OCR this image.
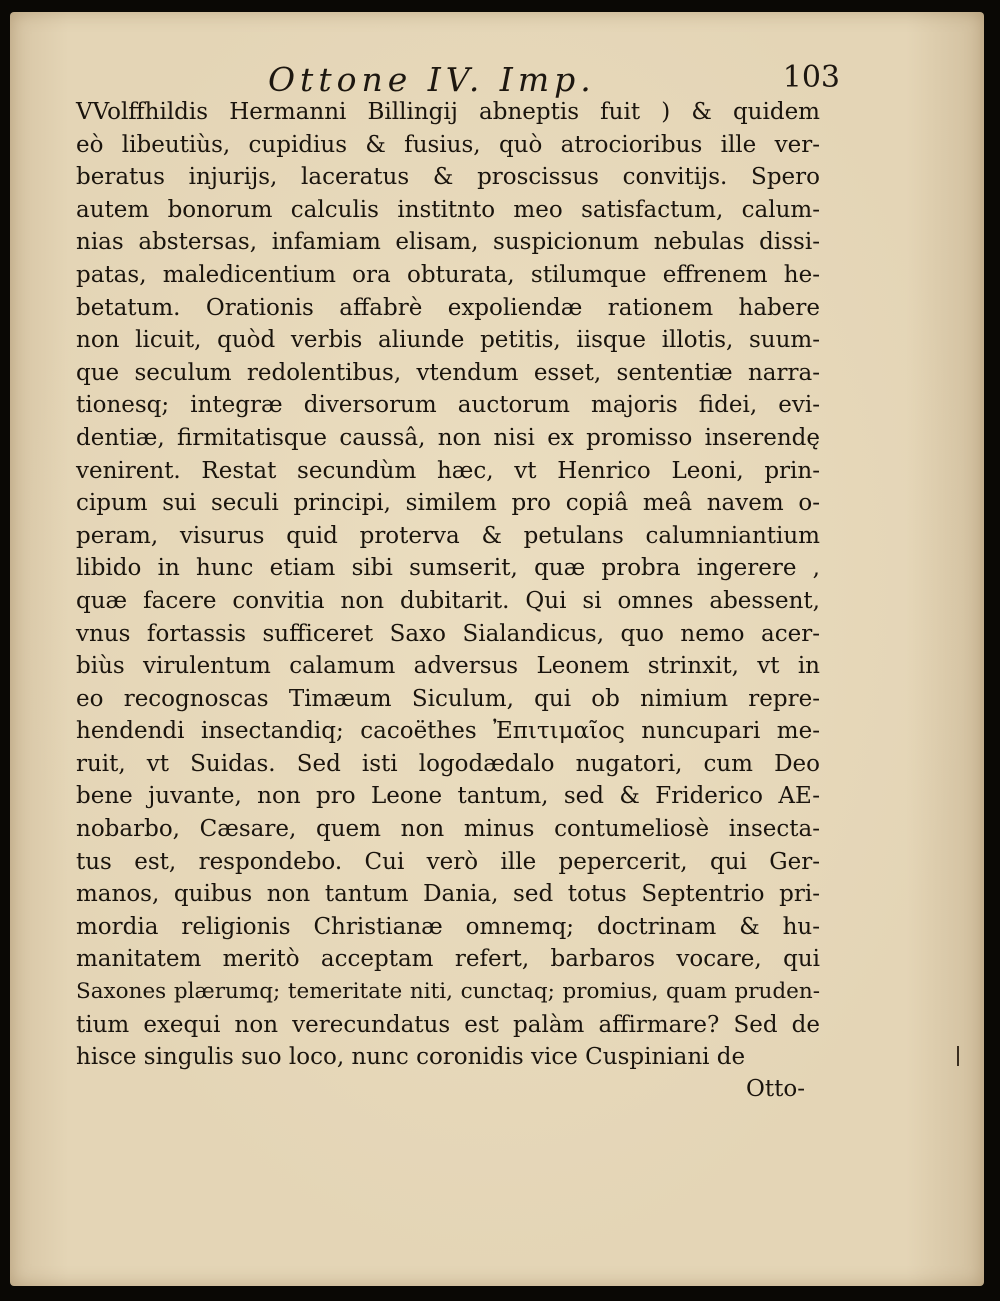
Ottone IV. Imp.	103
VVolffhildis Hermanni Billingij abneptis fuit ) & quidem
eò libeutiùs, cupidius & fusius, quò atrocioribus ille ver-
beratus injurijs, laceratus & proscissus convitijs. Spero
autem bonorum calculis institnto meo satisfactum, calum-
nias abstersas, infamiam elisam, suspicionum nebulas dissi-
patas, maledicentium ora obturata, stilumque effrenem he-
betatum. Orationis affabrè expoliendæ rationem habere
non licuit, quòd verbis aliunde petitis, iisque illotis, suum-
que seculum redolentibus, vtendum esset, sententiæ narra-
tionesq; integræ diversorum auctorum majoris fidei, evi-
dentiæ, firmitatisque caussâ, non nisi ex promisso inserendę
venirent. Restat secundùm hæc, vt Henrico Leoni, prin-
cipum sui seculi principi, similem pro copiâ meâ navem o-
peram, visurus quid proterva & petulans calumniantium
libido in hunc etiam sibi sumserit, quæ probra ingerere ,
quæ facere convitia non dubitarit. Qui si omnes abessent,
vnus fortassis sufficeret Saxo Sialandicus, quo nemo acer-
biùs virulentum calamum adversus Leonem strinxit, vt in
eo recognoscas Timæum Siculum, qui ob nimium repre-
hendendi insectandiq; cacoëthes Ἐπιτιμαῖος nuncupari me-
ruit, vt Suidas. Sed isti logodædalo nugatori, cum Deo
bene juvante, non pro Leone tantum, sed & Friderico AE-
nobarbo, Cæsare, quem non minus contumeliosè insecta-
tus est, respondebo. Cui verò ille pepercerit, qui Ger-
manos, quibus non tantum Dania, sed totus Septentrio pri-
mordia religionis Christianæ omnemq; doctrinam & hu-
manitatem meritò acceptam refert, barbaros vocare, qui
Saxones plærumq; temeritate niti, cunctaq; promius, quam pruden-
tium exequi non verecundatus est palàm affirmare? Sed de
hisce singulis suo loco, nunc coronidis vice Cuspiniani de
Otto-
